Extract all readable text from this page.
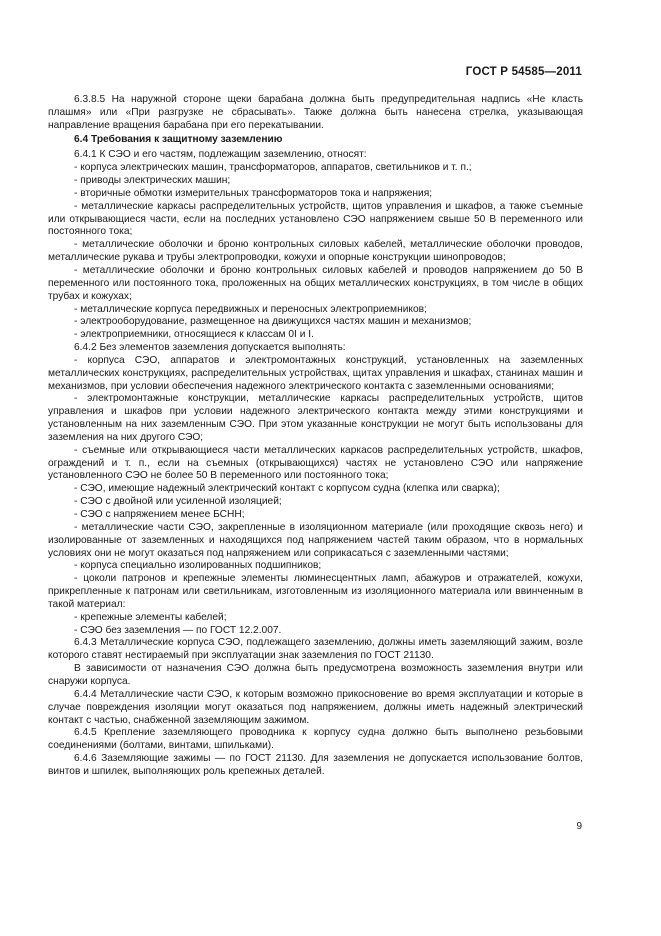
ГОСТ Р 54585—2011

6.3.8.5 На наружной стороне щеки барабана должна быть предупредительная надпись «Не класть плашмя» или «При разгрузке не сбрасывать». Также должна быть нанесена стрелка, указывающая направление вращения барабана при его перекатывании.

6.4 Требования к защитному заземлению

6.4.1 К СЭО и его частям, подлежащим заземлению, относят:

- корпуса электрических машин, трансформаторов, аппаратов, светильников и т. п.;

- приводы электрических машин;

- вторичные обмотки измерительных трансформаторов тока и напряжения;

- металлические каркасы распределительных устройств, щитов управления и шкафов, а также съемные или открывающиеся части, если на последних установлено СЭО напряжением свыше 50 В переменного или постоянного тока;

- металлические оболочки и броню контрольных силовых кабелей, металлические оболочки проводов, металлические рукава и трубы электропроводки, кожухи и опорные конструкции шинопроводов;

- металлические оболочки и броню контрольных силовых кабелей и проводов напряжением до 50 В переменного или постоянного тока, проложенных на общих металлических конструкциях, в том числе в общих трубах и кожухах;

- металлические корпуса передвижных и переносных электроприемников;

- электрооборудование, размещенное на движущихся частях машин и механизмов;

- электроприемники, относящиеся к классам 0I и I.

6.4.2 Без элементов заземления допускается выполнять:

- корпуса СЭО, аппаратов и электромонтажных конструкций, установленных на заземленных металлических конструкциях, распределительных устройствах, щитах управления и шкафах, станинах машин и механизмов, при условии обеспечения надежного электрического контакта с заземленными основаниями;

- электромонтажные конструкции, металлические каркасы распределительных устройств, щитов управления и шкафов при условии надежного электрического контакта между этими конструкциями и установленным на них заземленным СЭО. При этом указанные конструкции не могут быть использованы для заземления на них другого СЭО;

- съемные или открывающиеся части металлических каркасов распределительных устройств, шкафов, ограждений и т. п., если на съемных (открывающихся) частях не установлено СЭО или напряжение установленного СЭО не более 50 В переменного или постоянного тока;

- СЭО, имеющие надежный электрический контакт с корпусом судна (клепка или сварка);

- СЭО с двойной или усиленной изоляцией;

- СЭО с напряжением менее БСНН;

- металлические части СЭО, закрепленные в изоляционном материале (или проходящие сквозь него) и изолированные от заземленных и находящихся под напряжением частей таким образом, что в нормальных условиях они не могут оказаться под напряжением или соприкасаться с заземленными частями;

- корпуса специально изолированных подшипников;

- цоколи патронов и крепежные элементы люминесцентных ламп, абажуров и отражателей, кожухи, прикрепленные к патронам или светильникам, изготовленным из изоляционного материала или ввинченным в такой материал:

- крепежные элементы кабелей;

- СЭО без заземления — по ГОСТ 12.2.007.

6.4.3 Металлические корпуса СЭО, подлежащего заземлению, должны иметь заземляющий зажим, возле которого ставят нестираемый при эксплуатации знак заземления по ГОСТ 21130.

В зависимости от назначения СЭО должна быть предусмотрена возможность заземления внутри или снаружи корпуса.

6.4.4 Металлические части СЭО, к которым возможно прикосновение во время эксплуатации и которые в случае повреждения изоляции могут оказаться под напряжением, должны иметь надежный электрический контакт с частью, снабженной заземляющим зажимом.

6.4.5 Крепление заземляющего проводника к корпусу судна должно быть выполнено резьбовыми соединениями (болтами, винтами, шпильками).

6.4.6 Заземляющие зажимы — по ГОСТ 21130. Для заземления не допускается использование болтов, винтов и шпилек, выполняющих роль крепежных деталей.

9
